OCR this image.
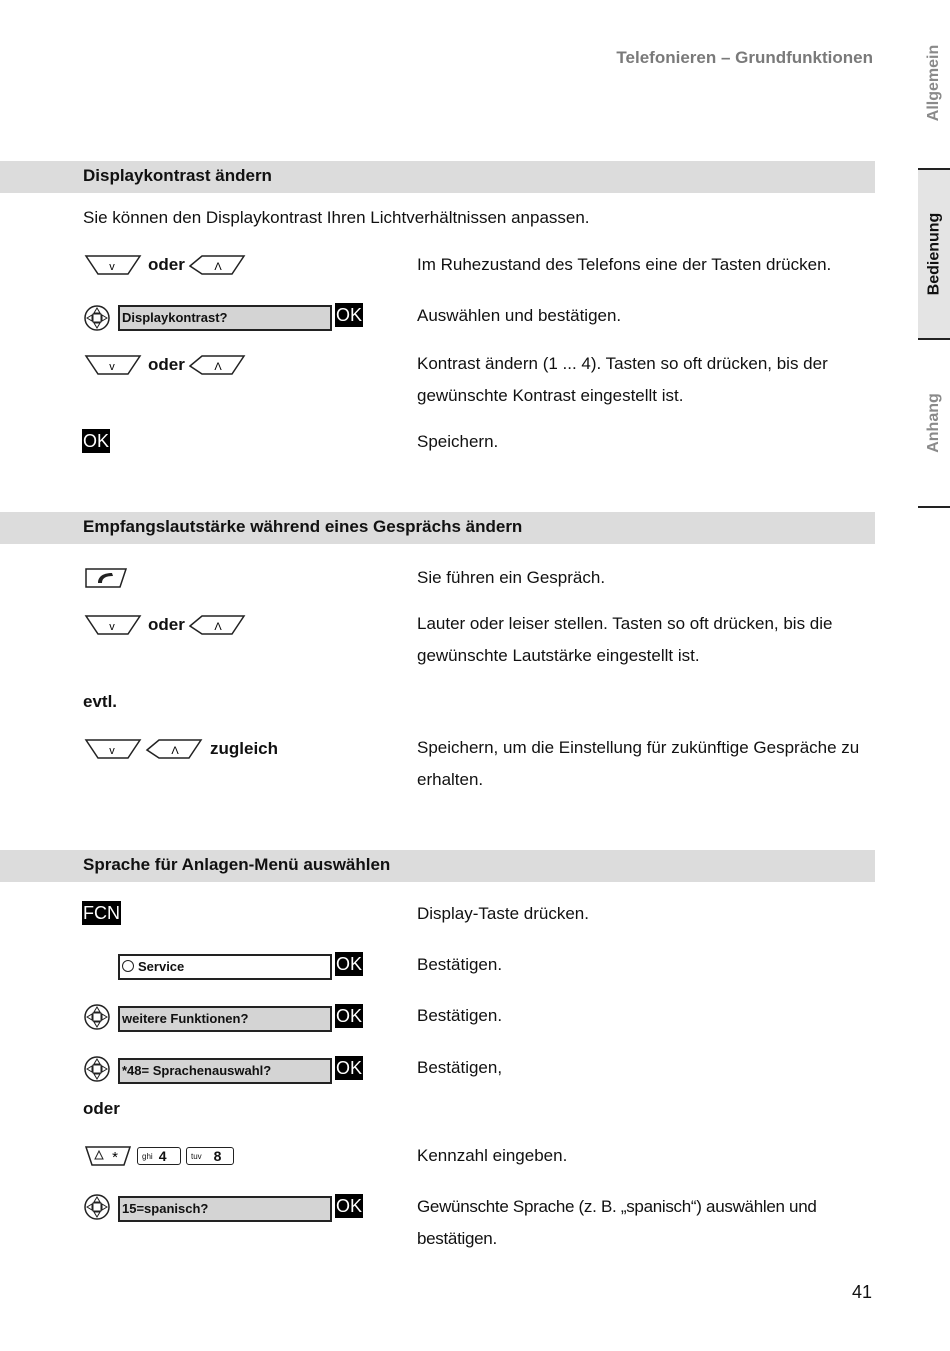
Telefonieren – Grundfunktionen	Allgemein
Bedienung
Anhang
Displaykontrast ändern
Sie können den Displaykontrast Ihren Lichtverhältnissen anpassen.
v oder	Λ	Im Ruhezustand des Telefons eine der Tasten drücken.
Displaykontrast?	OK	Auswählen und bestätigen.
v oder	Λ	Kontrast ändern (1 ... 4). Tasten so oft drücken, bis der gewünschte Kontrast eingestellt ist.
OK	Speichern.
Empfangslautstärke während eines Gesprächs ändern
Sie führen ein Gespräch.
v oder	Λ	Lauter oder leiser stellen. Tasten so oft drücken, bis die gewünschte Lautstärke eingestellt ist.
evtl.
v	Λ zugleich	Speichern, um die Einstellung für zukünftige Gespräche zu erhalten.
Sprache für Anlagen-Menü auswählen
FCN	Display-Taste drücken.
Service	OK	Bestätigen.
weitere Funktionen?	OK	Bestätigen.
*48= Sprachenauswahl?	OK	Bestätigen,
oder
*	ghi 4	tuv 8	Kennzahl eingeben.
15=spanisch?	OK	Gewünschte Sprache (z. B. „spanisch“) auswählen und bestätigen.
41
